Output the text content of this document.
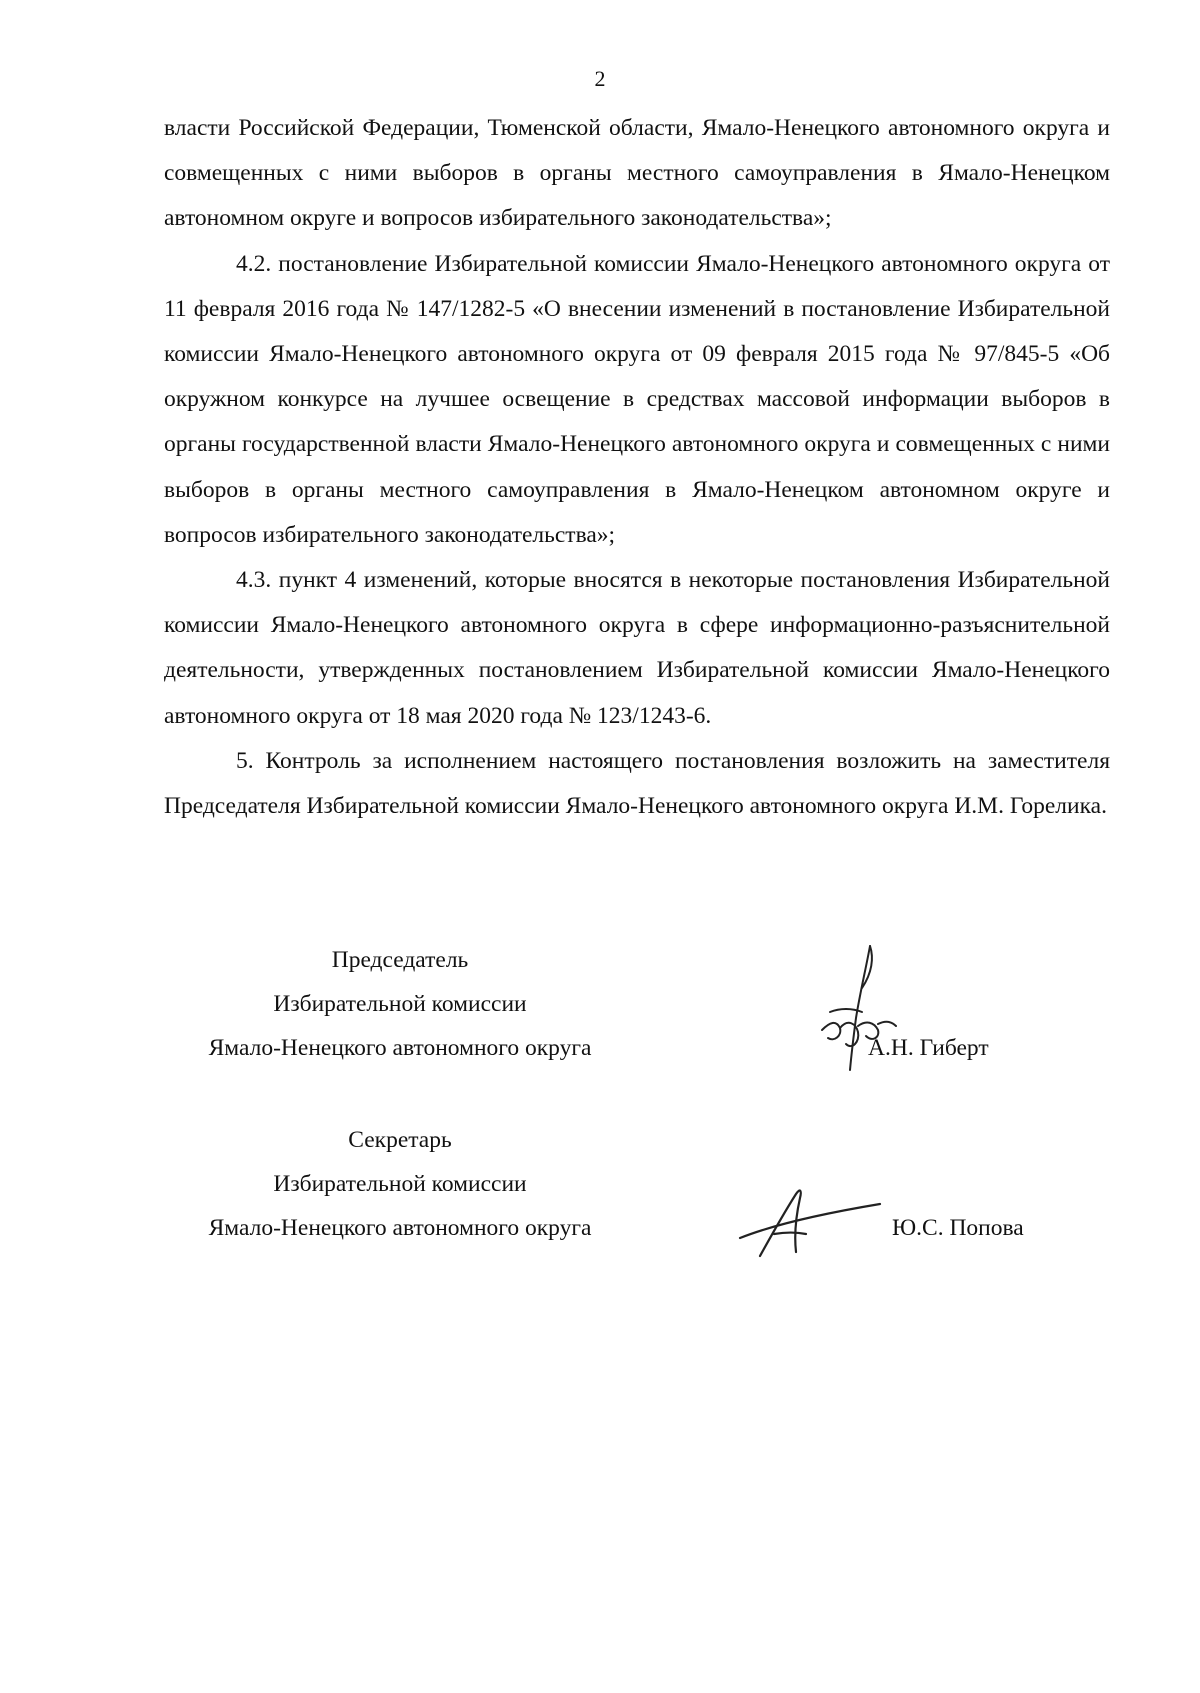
2

власти Российской Федерации, Тюменской области, Ямало-Ненецкого автономного округа и совмещенных с ними выборов в органы местного самоуправления в Ямало-Ненецком автономном округе и вопросов избирательного законодательства»;

4.2. постановление Избирательной комиссии Ямало-Ненецкого автономного округа от 11 февраля 2016 года № 147/1282-5 «О внесении изменений в постановление Избирательной комиссии Ямало-Ненецкого автономного округа от 09 февраля 2015 года № 97/845-5 «Об окружном конкурсе на лучшее освещение в средствах массовой информации выборов в органы государственной власти Ямало-Ненецкого автономного округа и совмещенных с ними выборов в органы местного самоуправления в Ямало-Ненецком автономном округе и вопросов избирательного законодательства»;

4.3. пункт 4 изменений, которые вносятся в некоторые постановления Избирательной комиссии Ямало-Ненецкого автономного округа в сфере информационно-разъяснительной деятельности, утвержденных постановлением Избирательной комиссии Ямало-Ненецкого автономного округа от 18 мая 2020 года № 123/1243-6.

5. Контроль за исполнением настоящего постановления возложить на заместителя Председателя Избирательной комиссии Ямало-Ненецкого автономного округа И.М. Горелика.

Председатель
Избирательной комиссии
Ямало-Ненецкого автономного округа	А.Н. Гиберт
Секретарь
Избирательной комиссии
Ямало-Ненецкого автономного округа	Ю.С. Попова
